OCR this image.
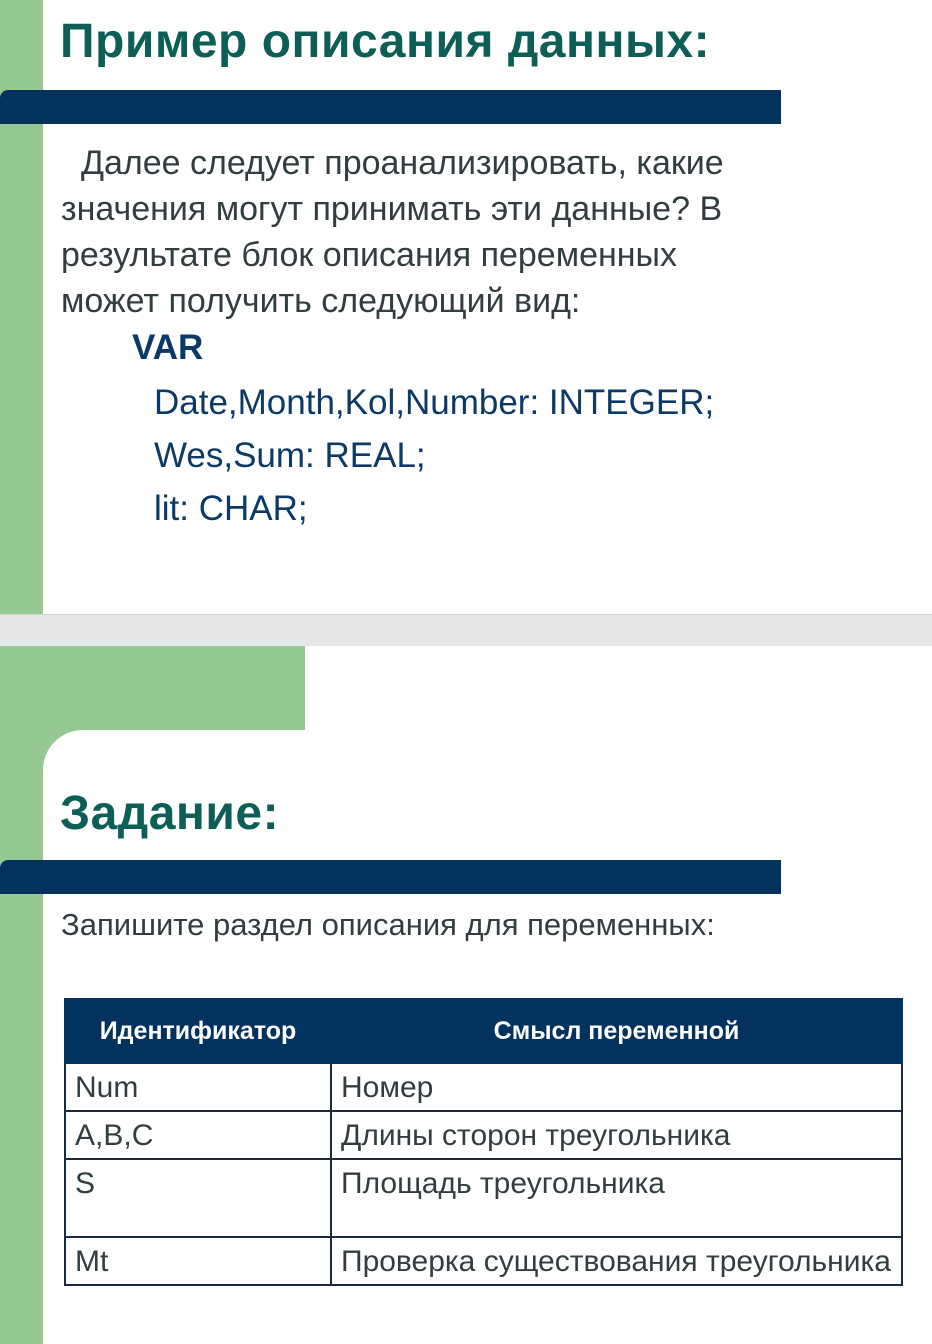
Пример описания данных:

Далее следует проанализировать, какие
значения могут принимать эти данные? В
результате блок описания переменных
может получить следующий вид:

VAR
Date,Month,Kol,Number: INTEGER;
Wes,Sum: REAL;
lit: CHAR;
Задание:
Запишите раздел описания для переменных:
Идентификатор	Смысл переменной
Num	Номер
A,B,C	Длины сторон треугольника
S	Площадь треугольника
Mt	Проверка существования треугольника
